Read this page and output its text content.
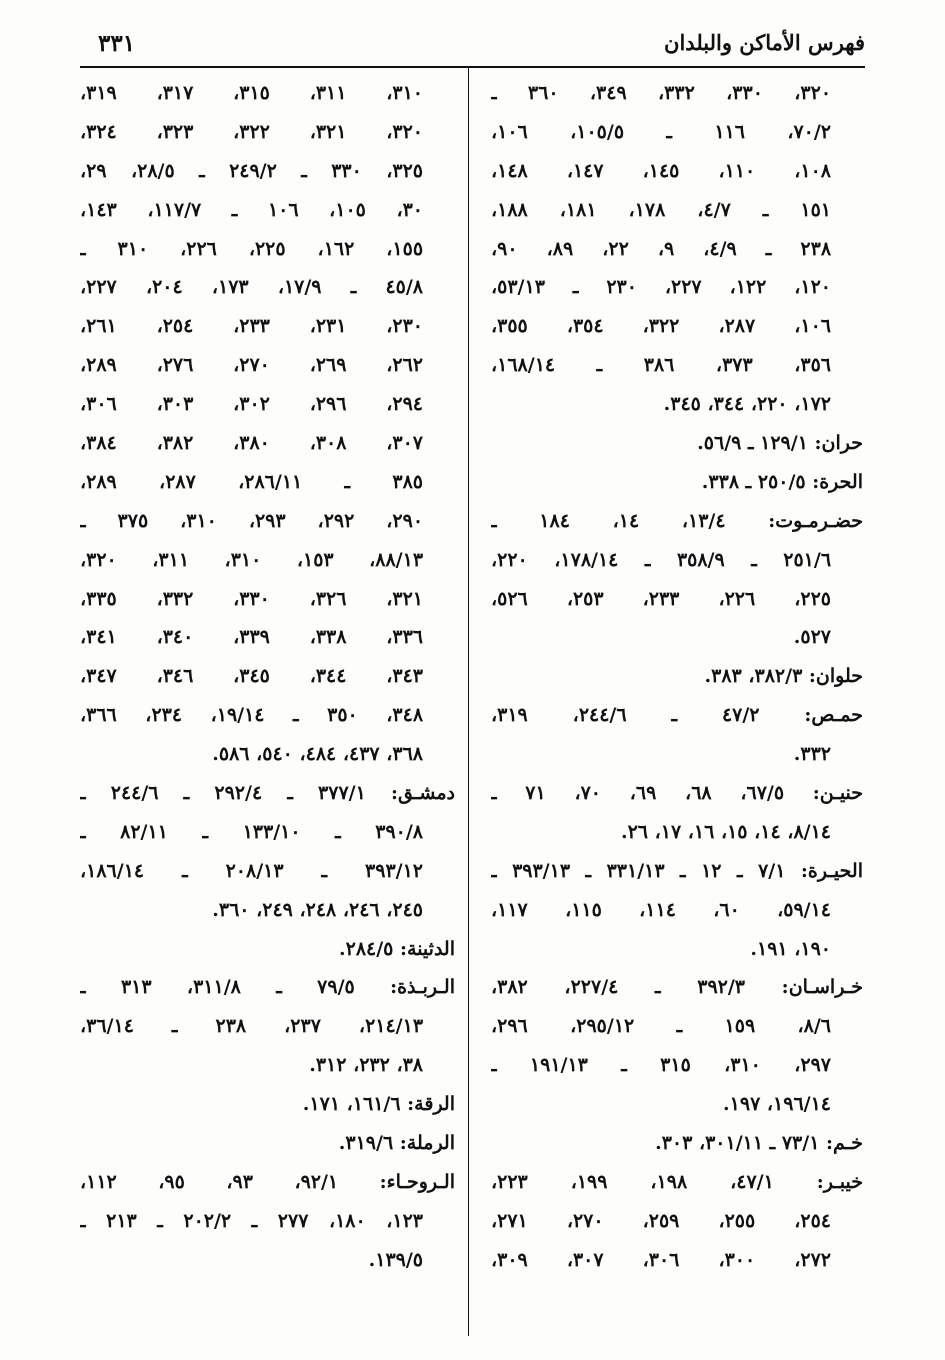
فهرس الأماكن والبلدان
٣٣١
٣٢٠، ٣٣٠، ٣٣٢، ٣٤٩، ٣٦٠ ـ
٧٠/٢، ١١٦ ـ ١٠٥/٥، ١٠٦،
١٠٨، ١١٠، ١٤٥، ١٤٧، ١٤٨،
١٥١ ـ ٤/٧، ١٧٨، ١٨١، ١٨٨،
٢٣٨ ـ ٤/٩، ٩، ٢٢، ٨٩، ٩٠،
١٢٠، ١٢٢، ٢٢٧، ٢٣٠ ـ ٥٣/١٣،
١٠٦، ٢٨٧، ٣٢٢، ٣٥٤، ٣٥٥،
٣٥٦، ٣٧٣، ٣٨٦ ـ ١٦٨/١٤،
١٧٢، ٢٢٠، ٣٤٤، ٣٤٥.
حران: ١٢٩/١ ـ ٥٦/٩.
الحرة: ٢٥٠/٥ ـ ٣٣٨.
حضـرمـوت: ١٣/٤، ١٤، ١٨٤ ـ
٢٥١/٦ ـ ٣٥٨/٩ ـ ١٧٨/١٤، ٢٢٠،
٢٢٥، ٢٢٦، ٢٣٣، ٢٥٣، ٥٢٦،
٥٢٧.
حلوان: ٣٨٢/٣، ٣٨٣.
حمـص: ٤٧/٢ ـ ٢٤٤/٦، ٣١٩،
٣٣٢.
حنيـن: ٦٧/٥، ٦٨، ٦٩، ٧٠، ٧١ ـ
٨/١٤، ١٤، ١٥، ١٦، ١٧، ٢٦.
الحيـرة: ٧/١ ـ ١٢ ـ ٣٣١/١٣ ـ ٣٩٣/١٣ ـ
٥٩/١٤، ٦٠، ١١٤، ١١٥، ١١٧،
١٩٠، ١٩١.
خـراسـان: ٣٩٢/٣ ـ ٢٢٧/٤، ٣٨٢،
٨/٦، ١٥٩ ـ ٢٩٥/١٢، ٢٩٦،
٢٩٧، ٣١٠، ٣١٥ ـ ١٩١/١٣ ـ
١٩٦/١٤، ١٩٧.
خـم: ٧٣/١ ـ ٣٠١/١١، ٣٠٣.
خيبـر: ٤٧/١، ١٩٨، ١٩٩، ٢٢٣،
٢٥٤، ٢٥٥، ٢٥٩، ٢٧٠، ٢٧١،
٢٧٢، ٣٠٠، ٣٠٦، ٣٠٧، ٣٠٩،
٣١٠، ٣١١، ٣١٥، ٣١٧، ٣١٩،
٣٢٠، ٣٢١، ٣٢٢، ٣٢٣، ٣٢٤،
٣٢٥، ٣٣٠ ـ ٢٤٩/٢ ـ ٢٨/٥، ٢٩،
٣٠، ١٠٥، ١٠٦ ـ ١١٧/٧، ١٤٣،
١٥٥، ١٦٢، ٢٢٥، ٢٢٦، ٣١٠ ـ
٤٥/٨ ـ ١٧/٩، ١٧٣، ٢٠٤، ٢٢٧،
٢٣٠، ٢٣١، ٢٣٣، ٢٥٤، ٢٦١،
٢٦٢، ٢٦٩، ٢٧٠، ٢٧٦، ٢٨٩،
٢٩٤، ٢٩٦، ٣٠٢، ٣٠٣، ٣٠٦،
٣٠٧، ٣٠٨، ٣٨٠، ٣٨٢، ٣٨٤،
٣٨٥ ـ ٢٨٦/١١، ٢٨٧، ٢٨٩،
٢٩٠، ٢٩٢، ٢٩٣، ٣١٠، ٣٧٥ ـ
٨٨/١٣، ١٥٣، ٣١٠، ٣١١، ٣٢٠،
٣٢١، ٣٢٦، ٣٣٠، ٣٣٢، ٣٣٥،
٣٣٦، ٣٣٨، ٣٣٩، ٣٤٠، ٣٤١،
٣٤٣، ٣٤٤، ٣٤٥، ٣٤٦، ٣٤٧،
٣٤٨، ٣٥٠ ـ ١٩/١٤، ٢٣٤، ٣٦٦،
٣٦٨، ٤٣٧، ٤٨٤، ٥٤٠، ٥٨٦.
دمشـق: ٣٧٧/١ ـ ٢٩٢/٤ ـ ٢٤٤/٦ ـ
٣٩٠/٨ ـ ١٣٣/١٠ ـ ٨٢/١١ ـ
٣٩٣/١٢ ـ ٢٠٨/١٣ ـ ١٨٦/١٤،
٢٤٥، ٢٤٦، ٢٤٨، ٢٤٩، ٣٦٠.
الدثينة: ٢٨٤/٥.
الـربـذة: ٧٩/٥ ـ ٣١١/٨، ٣١٣ ـ
٢١٤/١٣، ٢٣٧، ٢٣٨ ـ ٣٦/١٤،
٣٨، ٢٣٢، ٣١٢.
الرقة: ١٦١/٦، ١٧١.
الرملة: ٣١٩/٦.
الـروحـاء: ٩٢/١، ٩٣، ٩٥، ١١٢،
١٢٣، ١٨٠، ٢٧٧ ـ ٢٠٢/٢ ـ ٢١٣ ـ
١٣٩/٥.
